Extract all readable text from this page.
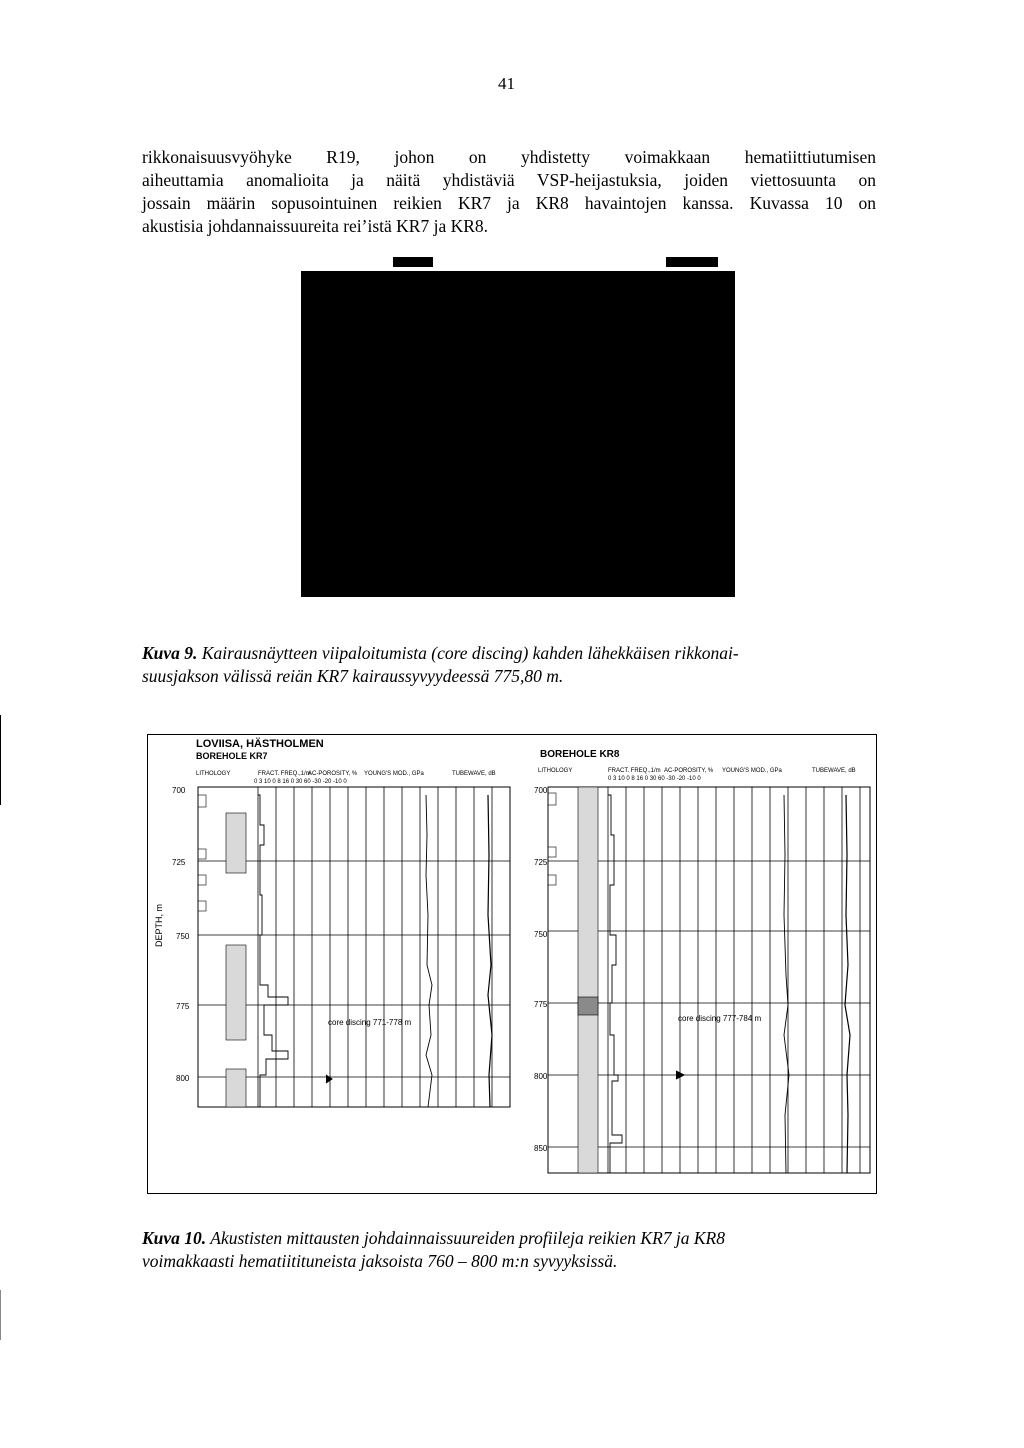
41
rikkonaisuusvyöhyke R19, johon on yhdistetty voimakkaan hematiittiutumisen
aiheuttamia anomalioita ja näitä yhdistäviä VSP-heijastuksia, joiden viettosuunta on
jossain määrin sopusointuinen reikien KR7 ja KR8 havaintojen kanssa. Kuvassa 10 on
akustisia johdannaissuureita rei’istä KR7 ja KR8.
Kuva 9. Kairausnäytteen viipaloitumista (core discing) kahden lähekkäisen rikkonai-
suusjakson välissä reiän KR7 kairaussyvyydeessä 775,80 m.
DEPTH, m
LOVIISA, HÄSTHOLMEN
BOREHOLE KR7
LITHOLOGY	FRACT. FREQ.,1/m
AC-POROSITY, % YOUNG'S MOD., GPa	TUBEWAVE, dB
0 3 10 0 8 16 0 30 60 -30 -20 -10 0
700
725
750
775
800
core discing 771-778 m
BOREHOLE KR8
LITHOLOGY	FRACT. FREQ.,1/m AC-POROSITY, % YOUNG'S MOD., GPa	TUBEWAVE, dB
0 3 10 0 8 16 0 30 60 -30 -20 -10 0
700
725
750
775
800
850
core discing 777-784 m
Kuva 10. Akustisten mittausten johdainnaissuureiden profiileja reikien KR7 ja KR8
voimakkaasti hematiitituneista jaksoista 760 – 800 m:n syvyyksissä.
